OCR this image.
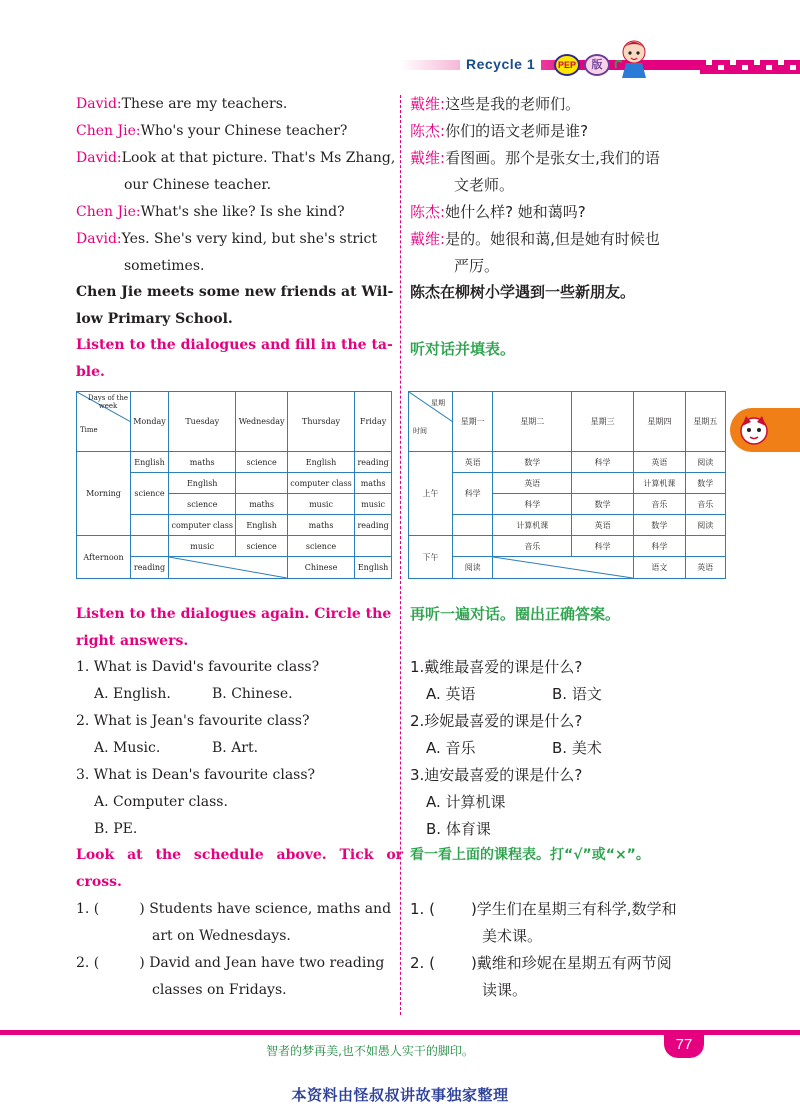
Recycle 1	PEP	版
David:These are my teachers.
Chen Jie:Who's your Chinese teacher?
David:Look at that picture. That's Ms Zhang,
our Chinese teacher.
Chen Jie:What's she like? Is she kind?
David:Yes. She's very kind, but she's strict
sometimes.
Chen Jie meets some new friends at Wil-
low Primary School.
Listen to the dialogues and fill in the ta-
ble.
Days of the week
Time	Monday	Tuesday	Wednesday	Thursday	Friday
Morning	English	maths	science	English	reading
	science	English		computer class	maths
		science	maths	music	music
		computer class	English	maths	reading
Afternoon		music	science	science	
	reading			Chinese	English
Listen to the dialogues again. Circle the
right answers.
1. What is David's favourite class?
A. English.	B. Chinese.
2. What is Jean's favourite class?
A. Music.	B. Art.
3. What is Dean's favourite class?
A. Computer class.
B. PE.
Look at the schedule above. Tick or
cross.
1. (	) Students have science, maths and
art on Wednesdays.
2. (	) David and Jean have two reading
classes on Fridays.
戴维:这些是我的老师们。
陈杰:你们的语文老师是谁?
戴维:看图画。那个是张女士,我们的语
文老师。
陈杰:她什么样? 她和蔼吗?
戴维:是的。她很和蔼,但是她有时候也
严厉。
陈杰在柳树小学遇到一些新朋友。
听对话并填表。
星期
时间	星期一	星期二	星期三	星期四	星期五
上午	英语	数学	科学	英语	阅读
	科学	英语		计算机课	数学
		科学	数学	音乐	音乐
		计算机课	英语	数学	阅读
下午		音乐	科学	科学	
	阅读			语文	英语
再听一遍对话。圈出正确答案。
1.戴维最喜爱的课是什么?
A. 英语	B. 语文
2.珍妮最喜爱的课是什么?
A. 音乐	B. 美术
3.迪安最喜爱的课是什么?
A. 计算机课
B. 体育课
看一看上面的课程表。打“√”或“×”。
1. ( )学生们在星期三有科学,数学和
美术课。
2. ( )戴维和珍妮在星期五有两节阅
读课。
智者的梦再美,也不如愚人实干的脚印。	77
本资料由怪叔叔讲故事独家整理
